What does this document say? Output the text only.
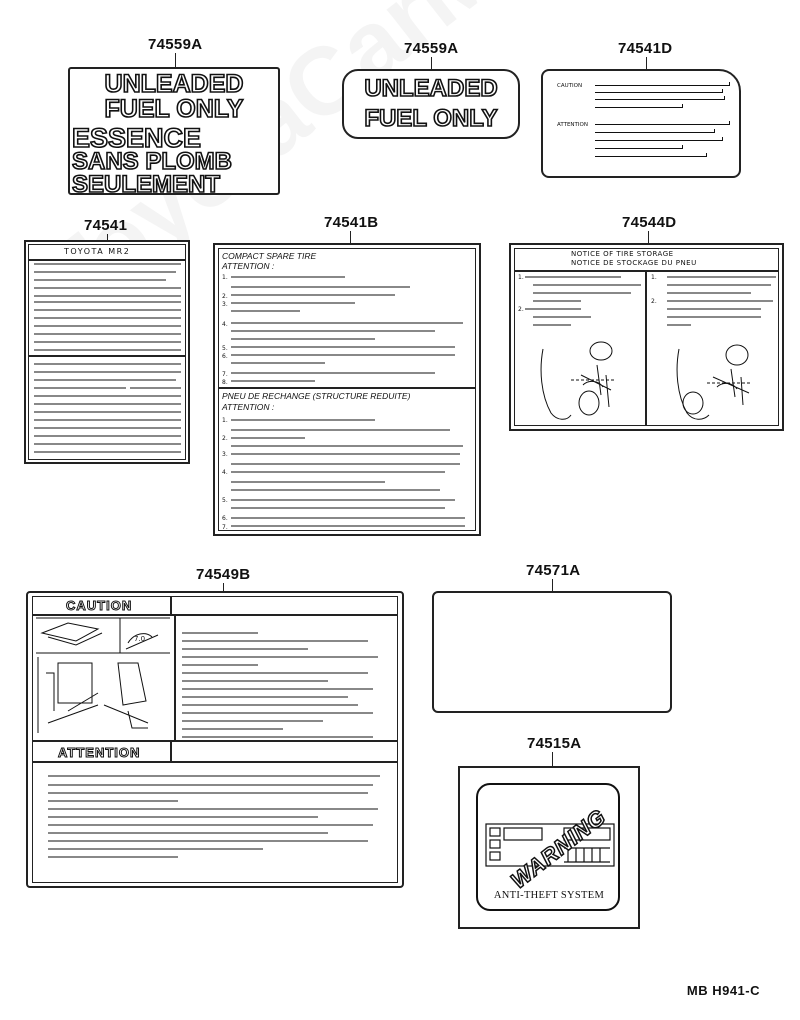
74559A
UNLEADED
FUEL ONLY
ESSENCE
SANS PLOMB
SEULEMENT
74559A
UNLEADED
FUEL ONLY
74541D
CAUTION
ATTENTION
74541
TOYOTA MR2
74541B
COMPACT SPARE TIRE
ATTENTION :
PNEU DE RECHANGE (STRUCTURE REDUITE)
ATTENTION :
1.
2.
3.
4.
5.
6.
7.
8.
1.
2.
3.
4.
5.
6.
7.
74544D
NOTICE OF TIRE STORAGE
NOTICE DE STOCKAGE DU PNEU
1.
2.
1.
2.
74549B
CAUTION
ATTENTION
7.0
74571A
74515A
WARNING
ANTI-THEFT SYSTEM
MB H941-C
